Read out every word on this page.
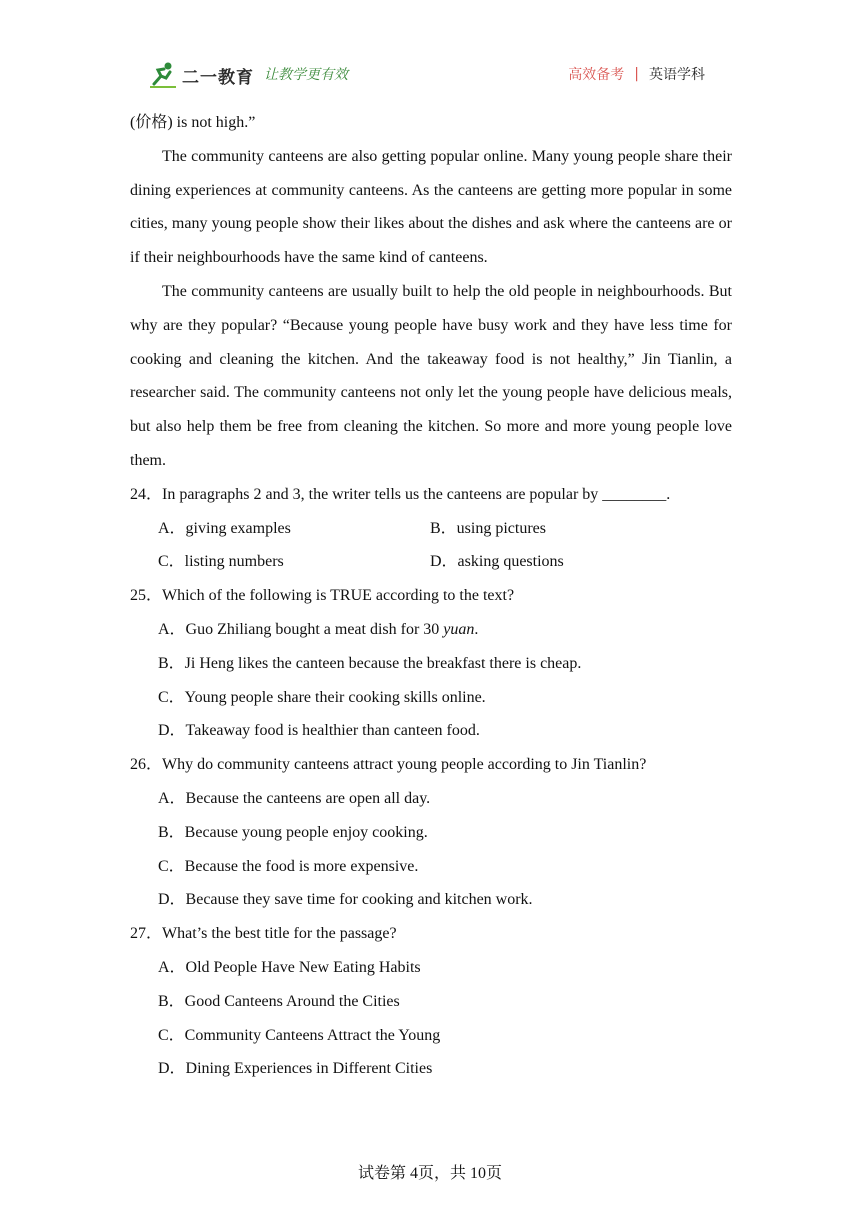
二一教育 让教学更有效	高效备考 | 英语学科

(价格) is not high.”

The community canteens are also getting popular online. Many young people share their dining experiences at community canteens. As the canteens are getting more popular in some cities, many young people show their likes about the dishes and ask where the canteens are or if their neighbourhoods have the same kind of canteens.

The community canteens are usually built to help the old people in neighbourhoods. But why are they popular? “Because young people have busy work and they have less time for cooking and cleaning the kitchen. And the takeaway food is not healthy,” Jin Tianlin, a researcher said. The community canteens not only let the young people have delicious meals, but also help them be free from cleaning the kitchen. So more and more young people love them.

24．In paragraphs 2 and 3, the writer tells us the canteens are popular by ________.

A．giving examples	B．using pictures
C．listing numbers	D．asking questions

25．Which of the following is TRUE according to the text?

A．Guo Zhiliang bought a meat dish for 30 yuan.
B．Ji Heng likes the canteen because the breakfast there is cheap.
C．Young people share their cooking skills online.
D．Takeaway food is healthier than canteen food.

26．Why do community canteens attract young people according to Jin Tianlin?

A．Because the canteens are open all day.
B．Because young people enjoy cooking.
C．Because the food is more expensive.
D．Because they save time for cooking and kitchen work.

27．What’s the best title for the passage?

A．Old People Have New Eating Habits
B．Good Canteens Around the Cities
C．Community Canteens Attract the Young
D．Dining Experiences in Different Cities
试卷第 4页，共 10页
